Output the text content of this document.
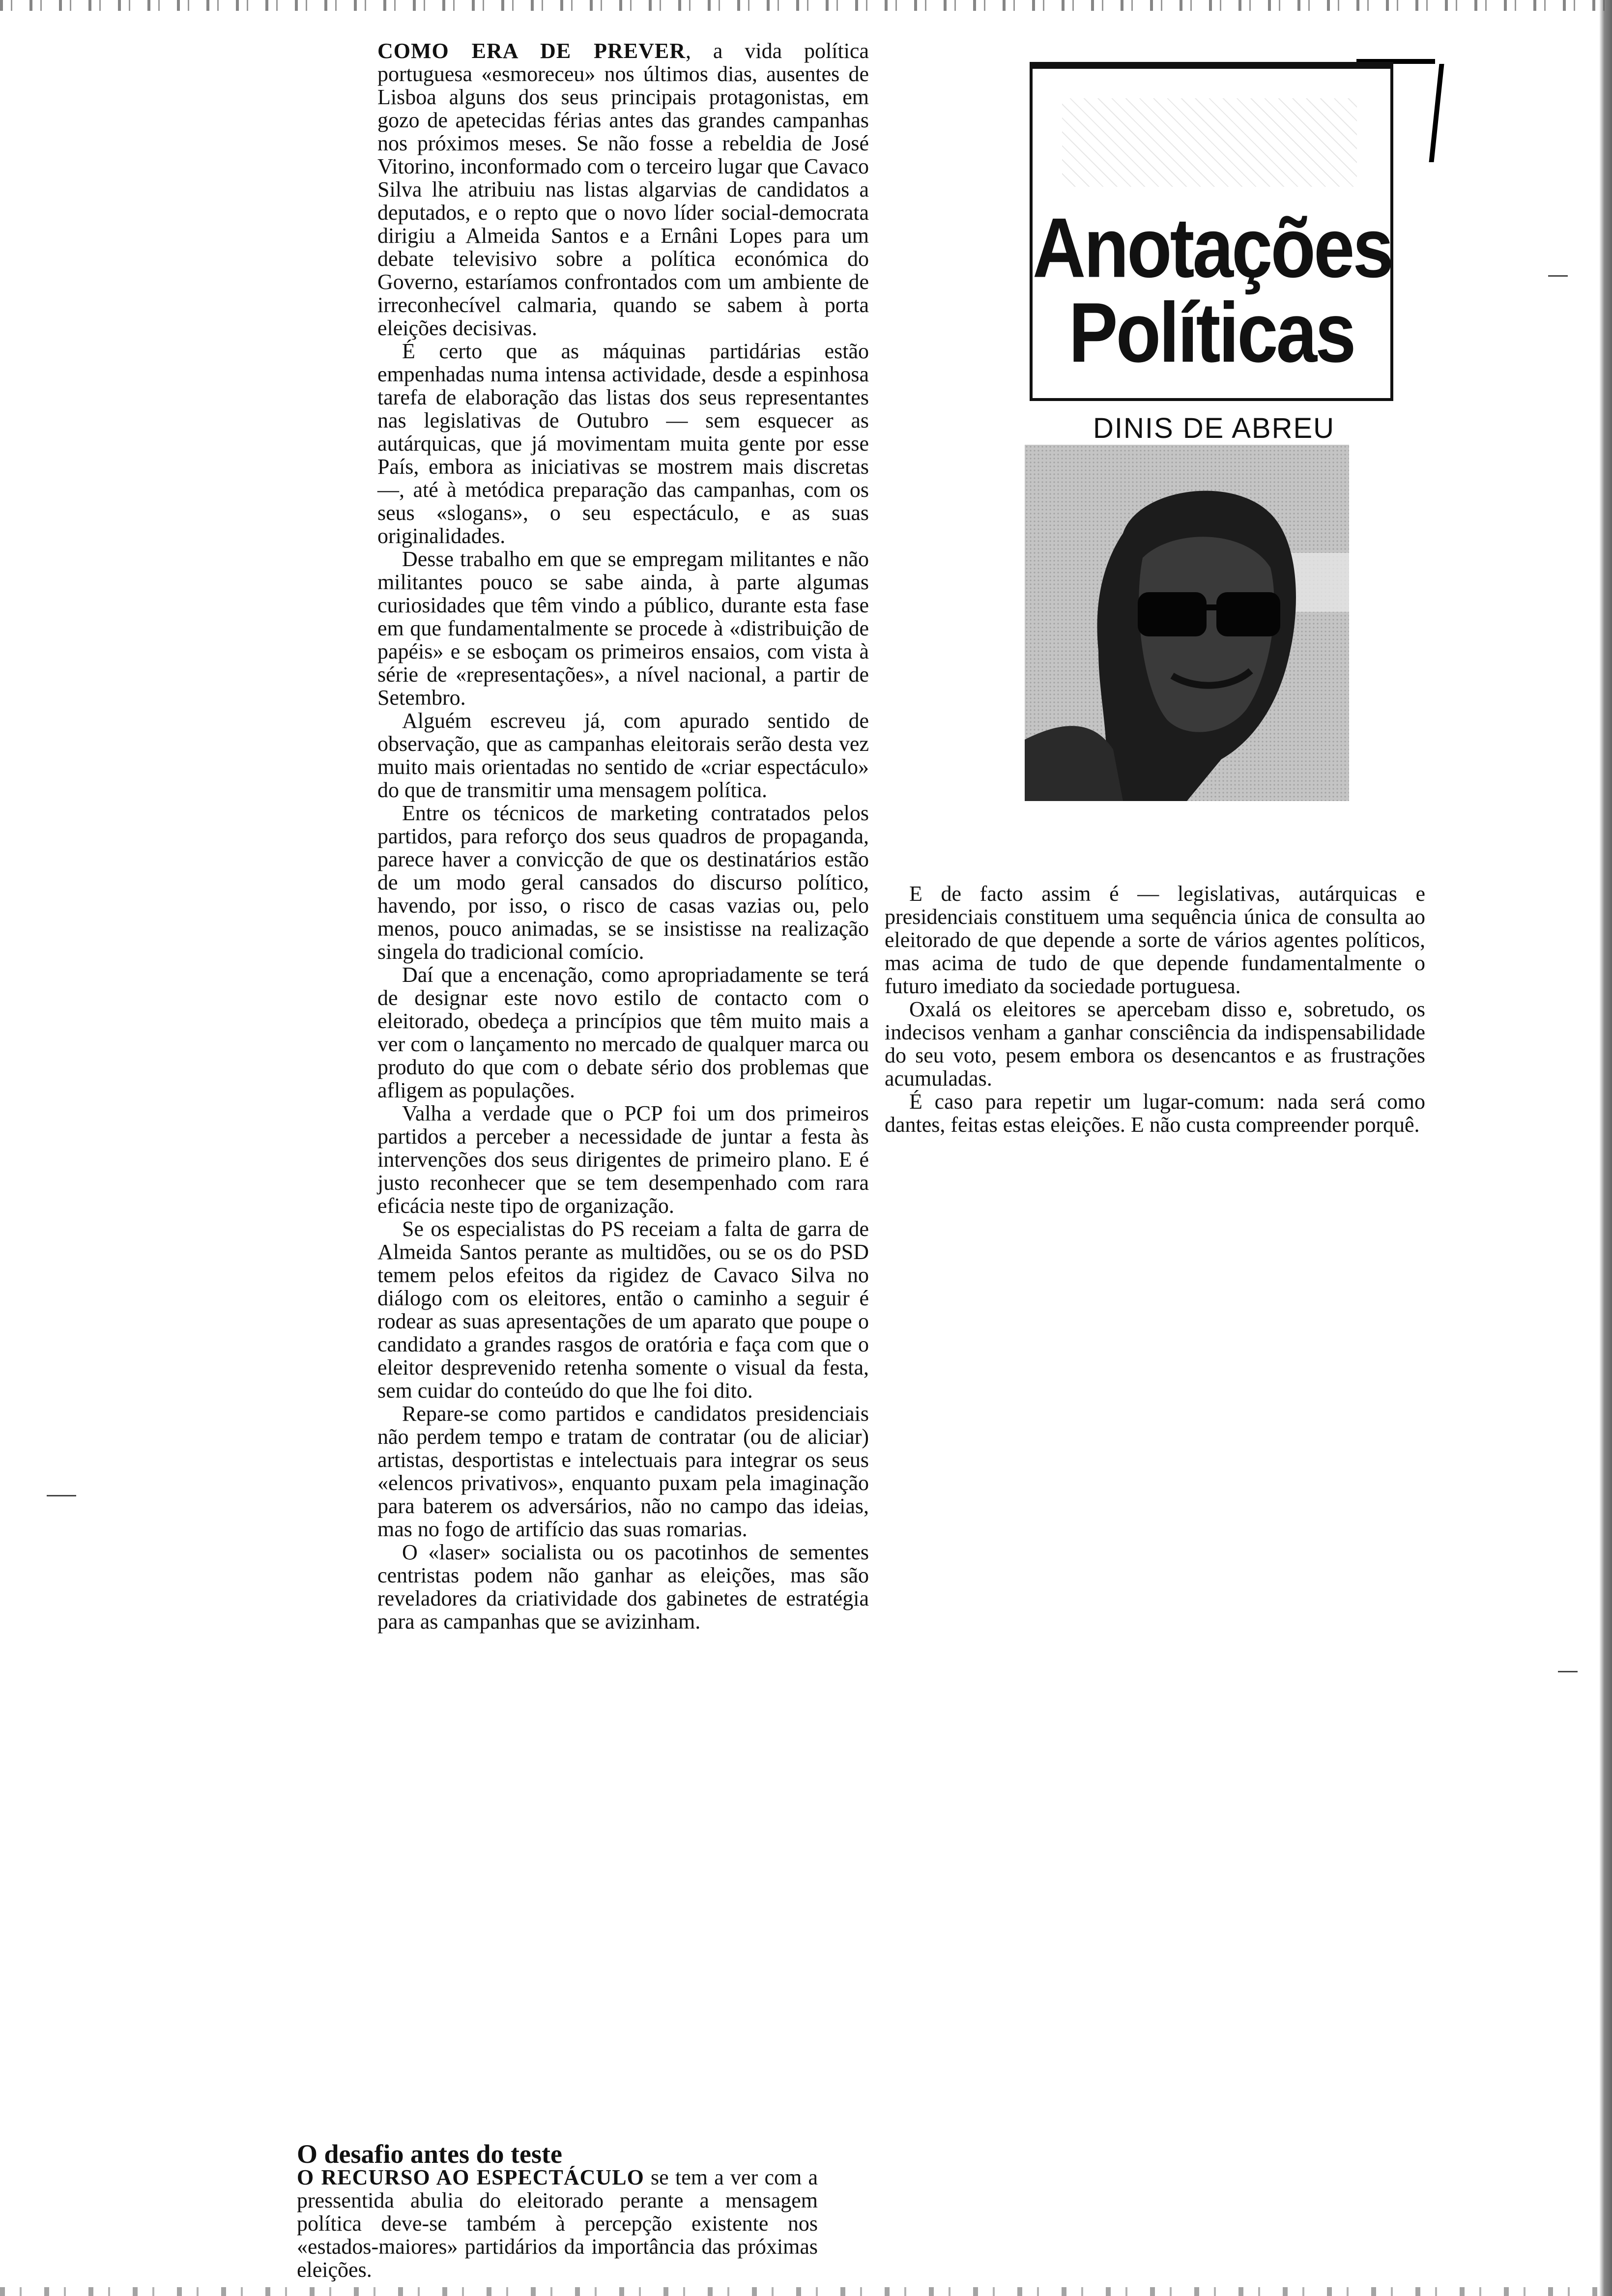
Anotações
Políticas
DINIS DE ABREU

COMO ERA DE PREVER, a vida política portuguesa «esmoreceu» nos últimos dias, ausentes de Lisboa alguns dos seus principais protagonistas, em gozo de apetecidas férias antes das grandes campanhas nos próximos meses. Se não fosse a rebeldia de José Vitorino, inconformado com o terceiro lugar que Cavaco Silva lhe atribuiu nas listas algarvias de candidatos a deputados, e o repto que o novo líder social-democrata dirigiu a Almeida Santos e a Ernâni Lopes para um debate televisivo sobre a política económica do Governo, estaríamos confrontados com um ambiente de irreconhecível calmaria, quando se sabem à porta eleições decisivas.

É certo que as máquinas partidárias estão empenhadas numa intensa actividade, desde a espinhosa tarefa de elaboração das listas dos seus representantes nas legislativas de Outubro — sem esquecer as autárquicas, que já movimentam muita gente por esse País, embora as iniciativas se mostrem mais discretas —, até à metódica preparação das campanhas, com os seus «slogans», o seu espectáculo, e as suas originalidades.

Desse trabalho em que se empregam militantes e não militantes pouco se sabe ainda, à parte algumas curiosidades que têm vindo a público, durante esta fase em que fundamentalmente se procede à «distribuição de papéis» e se esboçam os primeiros ensaios, com vista à série de «representações», a nível nacional, a partir de Setembro.

Alguém escreveu já, com apurado sentido de observação, que as campanhas eleitorais serão desta vez muito mais orientadas no sentido de «criar espectáculo» do que de transmitir uma mensagem política.

Entre os técnicos de marketing contratados pelos partidos, para reforço dos seus quadros de propaganda, parece haver a convicção de que os destinatários estão de um modo geral cansados do discurso político, havendo, por isso, o risco de casas vazias ou, pelo menos, pouco animadas, se se insistisse na realização singela do tradicional comício.

Daí que a encenação, como apropriadamente se terá de designar este novo estilo de contacto com o eleitorado, obedeça a princípios que têm muito mais a ver com o lançamento no mercado de qualquer marca ou produto do que com o debate sério dos problemas que afligem as populações.

Valha a verdade que o PCP foi um dos primeiros partidos a perceber a necessidade de juntar a festa às intervenções dos seus dirigentes de primeiro plano. E é justo reconhecer que se tem desempenhado com rara eficácia neste tipo de organização.

Se os especialistas do PS receiam a falta de garra de Almeida Santos perante as multidões, ou se os do PSD temem pelos efeitos da rigidez de Cavaco Silva no diálogo com os eleitores, então o caminho a seguir é rodear as suas apresentações de um aparato que poupe o candidato a grandes rasgos de oratória e faça com que o eleitor desprevenido retenha somente o visual da festa, sem cuidar do conteúdo do que lhe foi dito.

Repare-se como partidos e candidatos presidenciais não perdem tempo e tratam de contratar (ou de aliciar) artistas, desportistas e intelectuais para integrar os seus «elencos privativos», enquanto puxam pela imaginação para baterem os adversários, não no campo das ideias, mas no fogo de artifício das suas romarias.

O «laser» socialista ou os pacotinhos de sementes centristas podem não ganhar as eleições, mas são reveladores da criatividade dos gabinetes de estratégia para as campanhas que se avizinham.

O desafio antes do teste

O RECURSO AO ESPECTÁCULO se tem a ver com a pressentida abulia do eleitorado perante a mensagem política deve-se também à percepção existente nos «estados-maiores» partidários da importância das próximas eleições.

E de facto assim é — legislativas, autárquicas e presidenciais constituem uma sequência única de consulta ao eleitorado de que depende a sorte de vários agentes políticos, mas acima de tudo de que depende fundamentalmente o futuro imediato da sociedade portuguesa.

Oxalá os eleitores se apercebam disso e, sobretudo, os indecisos venham a ganhar consciência da indispensabilidade do seu voto, pesem embora os desencantos e as frustrações acumuladas.

É caso para repetir um lugar-comum: nada será como dantes, feitas estas eleições. E não custa compreender porquê.
